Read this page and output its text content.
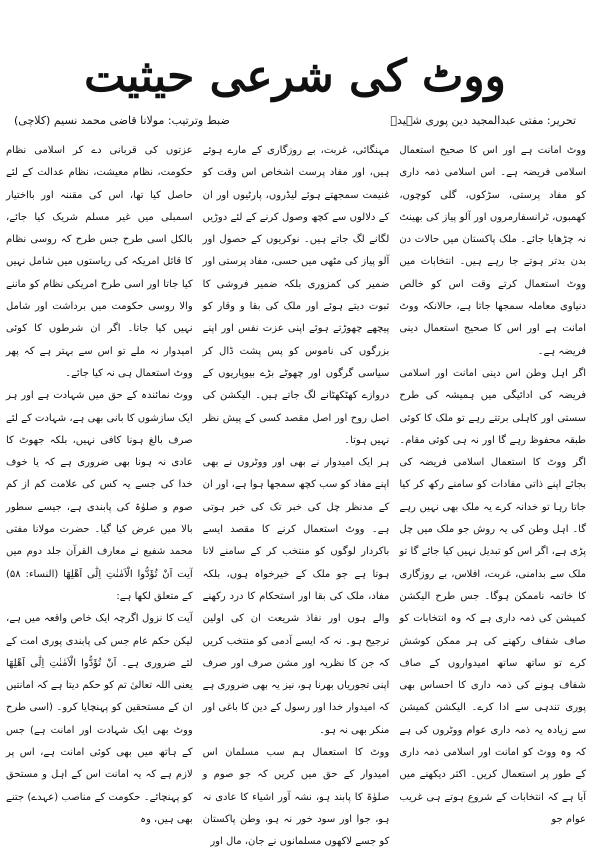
ووٹ کی شرعی حیثیت
تحریر: مفتی عبدالمجید دین پوری شہیدؒ
ضبط وترتیب: مولانا قاضی محمد نسیم (کلاچی)

ووٹ امانت ہے اور اس کا صحیح استعمال اسلامی فریضہ ہے۔ اس اسلامی ذمہ داری کو مفاد پرستی، سڑکوں، گلی کوچوں، کھمبوں، ٹرانسفارمروں اور آلو پیاز کی بھینٹ نہ چڑھایا جائے۔ ملک پاکستان میں حالات دن بدن بدتر ہوتے جا رہے ہیں۔ انتخابات میں ووٹ استعمال کرتے وقت اس کو خالص دنیاوی معاملہ سمجھا جاتا ہے، حالانکہ ووٹ امانت ہے اور اس کا صحیح استعمال دینی فریضہ ہے۔

اگر اہل وطن اس دینی امانت اور اسلامی فریضہ کی ادائیگی میں ہمیشہ کی طرح سستی اور کاہلی برتتے رہے تو ملک کا کوئی طبقہ محفوظ رہے گا اور نہ ہی کوئی مقام۔ اگر ووٹ کا استعمال اسلامی فریضہ کی بجائے اپنے ذاتی مفادات کو سامنے رکھ کر کیا جاتا رہا تو خدانہ کرے یہ ملک بھی نہیں رہے گا۔ اہل وطن کی یہ روش جو ملک میں چل پڑی ہے، اگر اس کو تبدیل نہیں کیا جائے گا تو ملک سے بدامنی، غربت، افلاس، بے روزگاری کا خاتمہ ناممکن ہوگا۔ جس طرح الیکشن کمیشن کی ذمہ داری ہے کہ وہ انتخابات کو صاف شفاف رکھنے کی ہر ممکن کوشش کرے تو ساتھ ساتھ امیدواروں کے صاف شفاف ہونے کی ذمہ داری کا احساس بھی پوری تندہی سے ادا کرے۔ الیکشن کمیشن سے زیادہ یہ ذمہ داری عوام ووٹروں کی ہے کہ وہ ووٹ کو امانت اور اسلامی ذمہ داری کے طور پر استعمال کریں۔ اکثر دیکھنے میں آیا ہے کہ انتخابات کے شروع ہوتے ہی غریب عوام جو

مہنگائی، غربت، بے روزگاری کے مارے ہوئے ہیں، اور مفاد پرست اشخاص اس وقت کو غنیمت سمجھتے ہوئے لیڈروں، پارٹیوں اور ان کے دلالوں سے کچھ وصول کرنے کے لئے دوڑیں لگانے لگ جاتے ہیں۔ نوکریوں کے حصول اور آلو پیاز کی مٹھی میں حسی، مفاد پرستی اور ضمیر کی کمزوری بلکہ ضمیر فروشی کا ثبوت دیتے ہوئے اور ملک کی بقا و وقار کو پیچھے چھوڑتے ہوئے اپنی عزت نفس اور اپنے بزرگوں کی ناموس کو پس پشت ڈال کر سیاسی گرگوں اور چھوٹے بڑے بیوپاریوں کے دروازے کھٹکھٹانے لگ جاتے ہیں۔ الیکشن کی اصل روح اور اصل مقصد کسی کے پیش نظر نہیں ہوتا۔

ہر ایک امیدوار نے بھی اور ووٹروں نے بھی اپنے مفاد کو سب کچھ سمجھا ہوا ہے، اور ان کے مدنظر چل کی خبر تک کی خبر ہوتی ہے۔ ووٹ استعمال کرنے کا مقصد ایسے باکردار لوگوں کو منتخب کر کے سامنے لانا ہوتا ہے جو ملک کے خیرخواہ ہوں، بلکہ مفاد، ملک کی بقا اور استحکام کا درد رکھنے والے ہوں اور نفاذ شریعت ان کی اولین ترجیح ہو۔ نہ کہ ایسے آدمی کو منتخب کریں کہ جن کا نظریہ اور مشن صرف اور صرف اپنی تجوریاں بھرنا ہو، نیز یہ بھی ضروری ہے کہ امیدوار خدا اور رسول کے دین کا باغی اور منکر بھی نہ ہو۔

ووٹ کا استعمال ہم سب مسلمان اس امیدوار کے حق میں کریں کہ جو صوم و صلوٰۃ کا پابند ہو، نشہ آور اشیاء کا عادی نہ ہو، جوا اور سود خور نہ ہو، وطن پاکستان کو جسے لاکھوں مسلمانوں نے جان، مال اور

عزتوں کی قربانی دے کر اسلامی نظام حکومت، نظام معیشت، نظام عدالت کے لئے حاصل کیا تھا، اس کی مقننہ اور بااختیار اسمبلی میں غیر مسلم شریک کیا جائے، بالکل اسی طرح جس طرح کہ روسی نظام کا قائل امریکہ کی ریاستوں میں شامل نہیں کیا جاتا اور اسی طرح امریکی نظام کو ماننے والا روسی حکومت میں برداشت اور شامل نہیں کیا جاتا۔ اگر ان شرطوں کا کوئی امیدوار نہ ملے تو اس سے بہتر ہے کہ پھر ووٹ استعمال ہی نہ کیا جائے۔

ووٹ نمائندہ کے حق میں شہادت ہے اور ہر ایک سازشوں کا بانی بھی ہے، شہادت کے لئے صرف بالغ ہونا کافی نہیں، بلکہ جھوٹ کا عادی نہ ہونا بھی ضروری ہے کہ یا خوف خدا کی جسے یہ کس کی علامت کم از کم صوم و صلوٰۃ کی پابندی ہے، جیسے سطور بالا میں عرض کیا گیا۔ حضرت مولانا مفتی محمد شفیع نے معارف القرآن جلد دوم میں آیت اَنْ تُؤَدُّوا الْاَمٰنٰتِ اِلٰٓی اَھْلِھَا (النساء: ۵۸) کے متعلق لکھا ہے:

آیت کا نزول اگرچہ ایک خاص واقعہ میں ہے، لیکن حکم عام جس کی پابندی پوری امت کے لئے ضروری ہے۔ اَنْ تُؤَدُّوا الْاَمٰنٰتِ اِلٰٓی اَھْلِھَا یعنی اللہ تعالیٰ تم کو حکم دیتا ہے کہ امانتیں ان کے مستحقین کو پہنچایا کرو۔ (اسی طرح ووٹ بھی ایک شہادت اور امانت ہے) جس کے ہاتھ میں بھی کوئی امانت ہے، اس پر لازم ہے کہ یہ امانت اس کے اہل و مستحق کو پہنچائے۔ حکومت کے مناصب (عہدے) جتنے بھی ہیں، وہ
